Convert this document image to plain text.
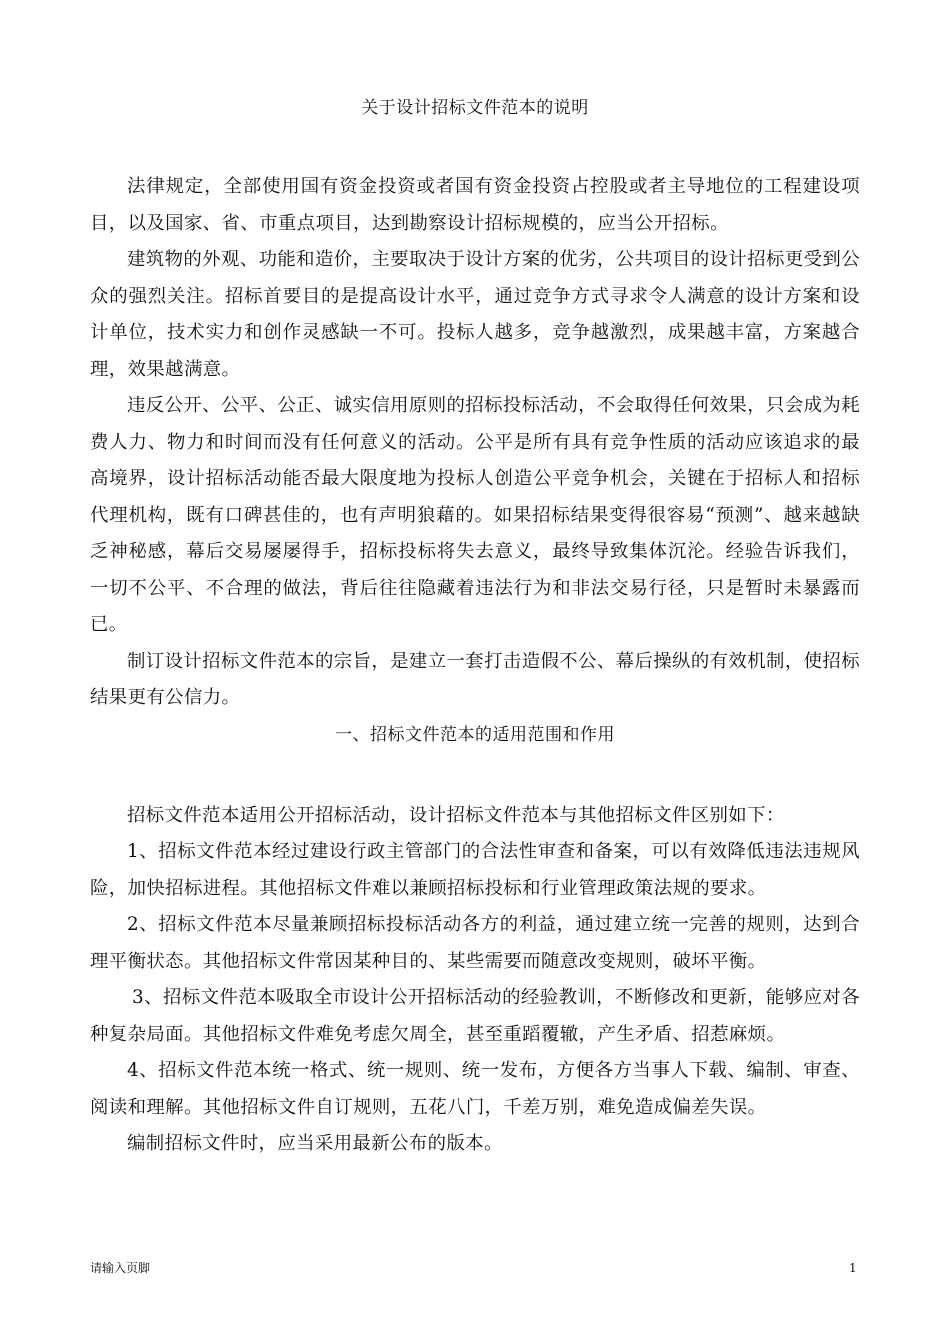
关于设计招标文件范本的说明

法律规定，全部使用国有资金投资或者国有资金投资占控股或者主导地位的工程建设项目，以及国家、省、市重点项目，达到勘察设计招标规模的，应当公开招标。

建筑物的外观、功能和造价，主要取决于设计方案的优劣，公共项目的设计招标更受到公众的强烈关注。招标首要目的是提高设计水平，通过竞争方式寻求令人满意的设计方案和设计单位，技术实力和创作灵感缺一不可。投标人越多，竞争越激烈，成果越丰富，方案越合理，效果越满意。

违反公开、公平、公正、诚实信用原则的招标投标活动，不会取得任何效果，只会成为耗费人力、物力和时间而没有任何意义的活动。公平是所有具有竞争性质的活动应该追求的最高境界，设计招标活动能否最大限度地为投标人创造公平竞争机会，关键在于招标人和招标代理机构，既有口碑甚佳的，也有声明狼藉的。如果招标结果变得很容易“预测”、越来越缺乏神秘感，幕后交易屡屡得手，招标投标将失去意义，最终导致集体沉沦。经验告诉我们，一切不公平、不合理的做法，背后往往隐藏着违法行为和非法交易行径，只是暂时未暴露而已。

制订设计招标文件范本的宗旨，是建立一套打击造假不公、幕后操纵的有效机制，使招标结果更有公信力。

一、招标文件范本的适用范围和作用

招标文件范本适用公开招标活动，设计招标文件范本与其他招标文件区别如下：

1、招标文件范本经过建设行政主管部门的合法性审查和备案，可以有效降低违法违规风险，加快招标进程。其他招标文件难以兼顾招标投标和行业管理政策法规的要求。

2、招标文件范本尽量兼顾招标投标活动各方的利益，通过建立统一完善的规则，达到合理平衡状态。其他招标文件常因某种目的、某些需要而随意改变规则，破坏平衡。

3、招标文件范本吸取全市设计公开招标活动的经验教训，不断修改和更新，能够应对各种复杂局面。其他招标文件难免考虑欠周全，甚至重蹈覆辙，产生矛盾、招惹麻烦。

4、招标文件范本统一格式、统一规则、统一发布，方便各方当事人下载、编制、审查、阅读和理解。其他招标文件自订规则，五花八门，千差万别，难免造成偏差失误。

编制招标文件时，应当采用最新公布的版本。

请输入页脚	1
